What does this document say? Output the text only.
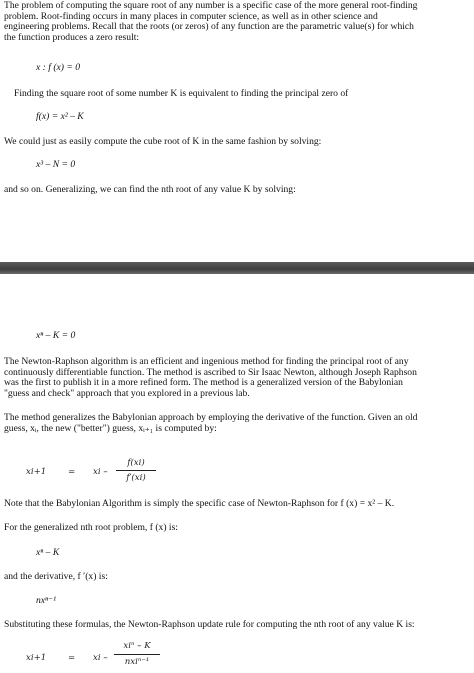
The problem of computing the square root of any number is a specific case of the more general root-finding
problem. Root-finding occurs in many places in computer science, as well as in other science and
engineering problems. Recall that the roots (or zeros) of any function are the parametric value(s) for which
the function produces a zero result:
x : f (x) = 0
Finding the square root of some number K is equivalent to finding the principal zero of
f(x) = x² – K
We could just as easily compute the cube root of K in the same fashion by solving:
x³ – N = 0
and so on. Generalizing, we can find the nth root of any value K by solving:
xⁿ – K = 0
The Newton-Raphson algorithm is an efficient and ingenious method for finding the principal root of any
continuously differentiable function. The method is ascribed to Sir Isaac Newton, although Joseph Raphson
was the first to publish it in a more refined form. The method is a generalized version of the Babylonian
"guess and check" approach that you explored in a previous lab.
The method generalizes the Babylonian approach by employing the derivative of the function. Given an old
guess, xᵢ, the new ("better") guess, xᵢ₊₁ is computed by:
xi+1	= xi –
f(xi)
f′(xi)
Note that the Babylonian Algorithm is simply the specific case of Newton-Raphson for f (x) = x² – K.
For the generalized nth root problem, f (x) is:
xⁿ – K
and the derivative, f ′(x) is:
nxⁿ⁻¹
Substituting these formulas, the Newton-Raphson update rule for computing the nth root of any value K is:
xi+1	= xi –
xiⁿ – K
nxiⁿ⁻¹
